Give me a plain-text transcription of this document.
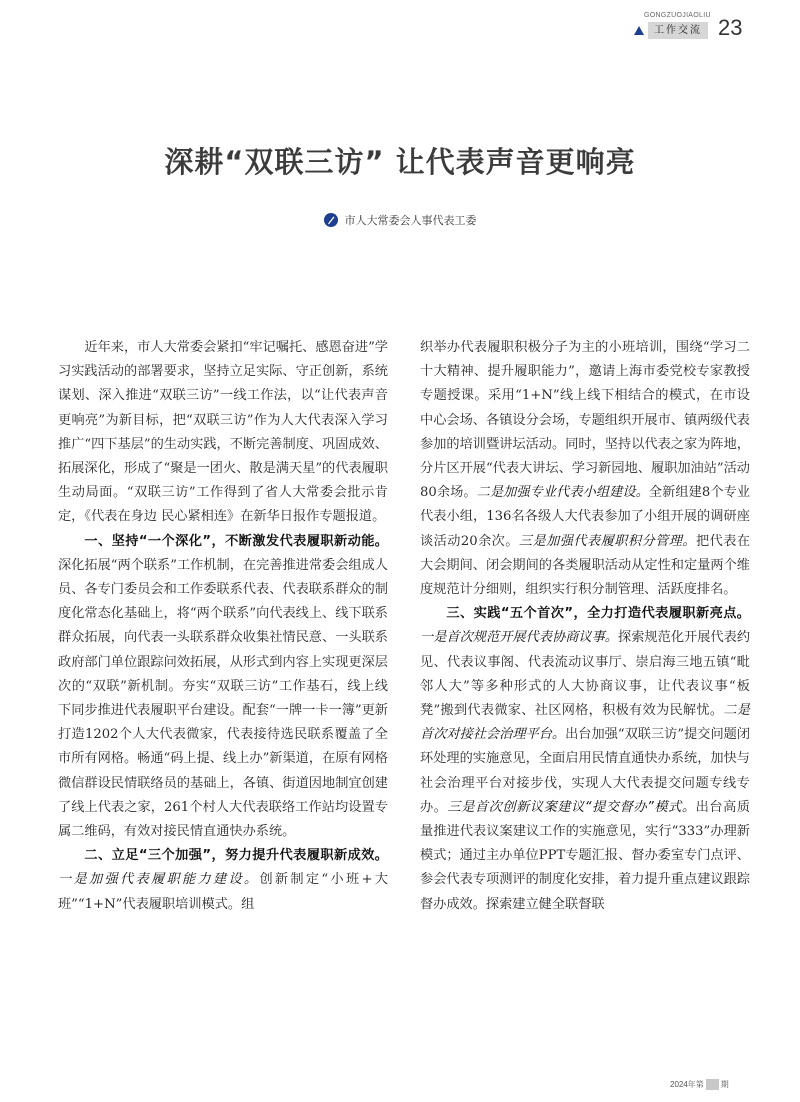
GONGZUOJIAOLIU
工作交流 23
深耕“双联三访” 让代表声音更响亮
市人大常委会人事代表工委

近年来，市人大常委会紧扣“牢记嘱托、感恩奋进”学习实践活动的部署要求，坚持立足实际、守正创新，系统谋划、深入推进“双联三访”一线工作法，以“让代表声音更响亮”为新目标，把“双联三访”作为人大代表深入学习推广“四下基层”的生动实践，不断完善制度、巩固成效、拓展深化，形成了“聚是一团火、散是满天星”的代表履职生动局面。“双联三访”工作得到了省人大常委会批示肯定，《代表在身边 民心紧相连》在新华日报作专题报道。

一、坚持“一个深化”，不断激发代表履职新动能。深化拓展“两个联系”工作机制，在完善推进常委会组成人员、各专门委员会和工作委联系代表、代表联系群众的制度化常态化基础上，将“两个联系”向代表线上、线下联系群众拓展，向代表一头联系群众收集社情民意、一头联系政府部门单位跟踪问效拓展，从形式到内容上实现更深层次的“双联”新机制。夯实“双联三访”工作基石，线上线下同步推进代表履职平台建设。配套“一牌一卡一簿”更新打造1202个人大代表微家，代表接待选民联系覆盖了全市所有网格。畅通“码上提、线上办”新渠道，在原有网格微信群设民情联络员的基础上，各镇、街道因地制宜创建了线上代表之家，261个村人大代表联络工作站均设置专属二维码，有效对接民情直通快办系统。

二、立足“三个加强”，努力提升代表履职新成效。一是加强代表履职能力建设。创新制定“小班+大班”“1+N”代表履职培训模式。组

织举办代表履职积极分子为主的小班培训，围绕“学习二十大精神、提升履职能力”，邀请上海市委党校专家教授专题授课。采用“1+N”线上线下相结合的模式，在市设中心会场、各镇设分会场，专题组织开展市、镇两级代表参加的培训暨讲坛活动。同时，坚持以代表之家为阵地，分片区开展“代表大讲坛、学习新园地、履职加油站”活动80余场。二是加强专业代表小组建设。全新组建8个专业代表小组，136名各级人大代表参加了小组开展的调研座谈活动20余次。三是加强代表履职积分管理。把代表在大会期间、闭会期间的各类履职活动从定性和定量两个维度规范计分细则，组织实行积分制管理、活跃度排名。

三、实践“五个首次”，全力打造代表履职新亮点。一是首次规范开展代表协商议事。探索规范化开展代表约见、代表议事阁、代表流动议事厅、崇启海三地五镇“毗邻人大”等多种形式的人大协商议事，让代表议事“板凳”搬到代表微家、社区网格，积极有效为民解忧。二是首次对接社会治理平台。出台加强“双联三访”提交问题闭环处理的实施意见，全面启用民情直通快办系统，加快与社会治理平台对接步伐，实现人大代表提交问题专线专办。三是首次创新议案建议“提交督办”模式。出台高质量推进代表议案建议工作的实施意见，实行“333”办理新模式；通过主办单位PPT专题汇报、督办委室专门点评、参会代表专项测评的制度化安排，着力提升重点建议跟踪督办成效。探索建立健全联督联

2024年 第 00 期
